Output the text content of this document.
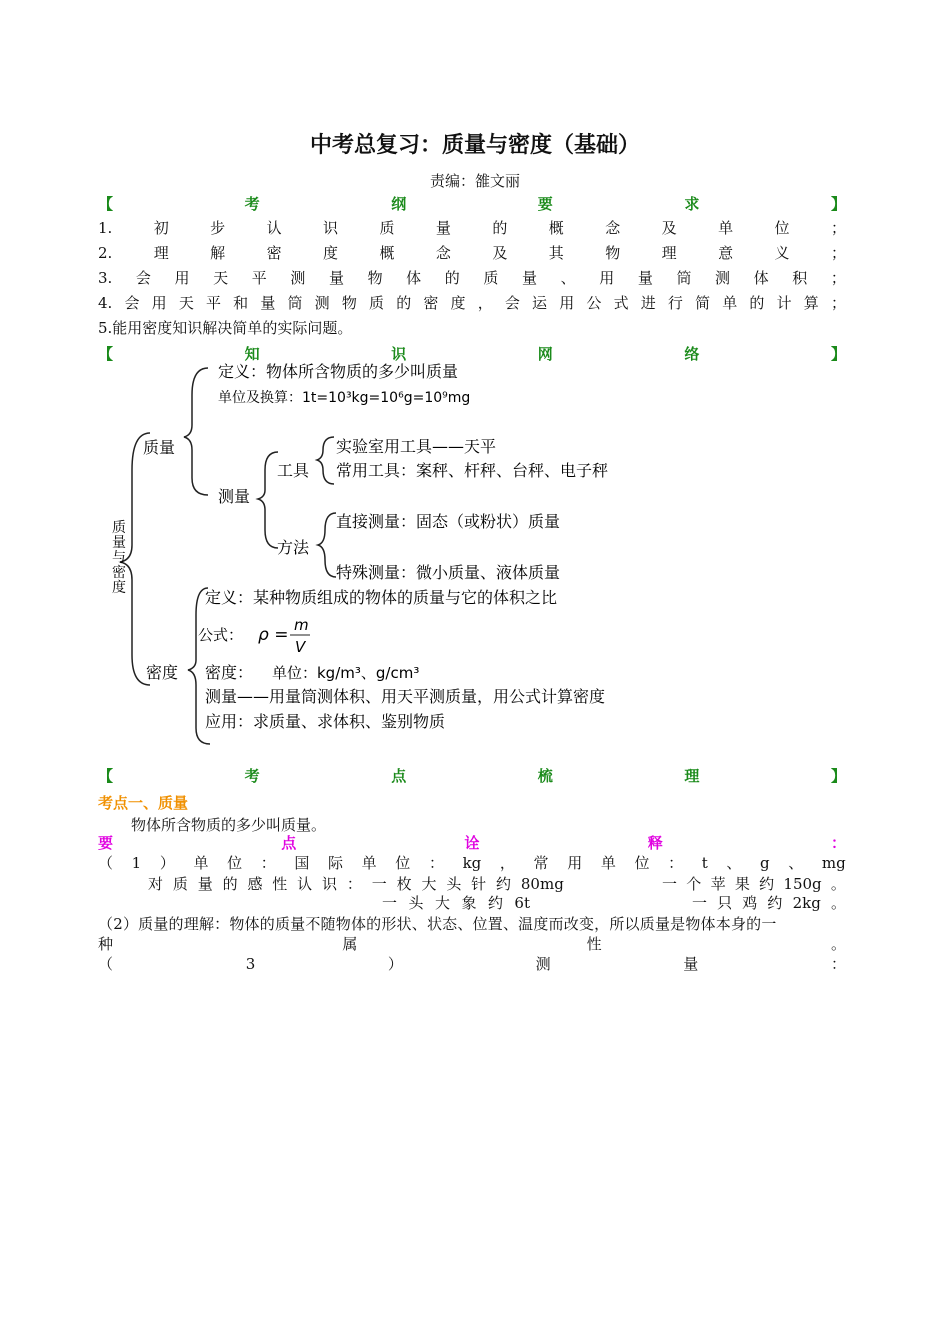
中考总复习：质量与密度（基础）
责编：雒文丽
【	考	纲	要	求	】
1.	初	步	认	识	质	量	的	概	念	及	单	位	；
2.	理	解	密	度	概	念	及	其	物	理	意	义	；
3. 会 用 天 平 测 量 物 体 的 质 量 、 用 量 筒 测 体 积 ；
4. 会 用 天 平 和 量 筒 测 物 质 的 密 度 ， 会 运 用 公 式 进 行 简 单 的 计 算 ；
5.能用密度知识解决简单的实际问题。
【	知	识	网	络	】
质量与密度
质量
定义：物体所含物质的多少叫质量
单位及换算：1t=10³kg=10⁶g=10⁹mg
测量
工具
实验室用工具——天平
常用工具：案秤、杆秤、台秤、电子秤
方法
直接测量：固态（或粉状）质量
特殊测量：微小质量、液体质量
密度
定义：某种物质组成的物体的质量与它的体积之比
公式： ρ = m
V
密度： 单位：kg/m³、g/cm³
测量——用量筒测体积、用天平测质量，用公式计算密度
应用：求质量、求体积、鉴别物质
【	考	点	梳	理	】
考点一、质量
物体所含物质的多少叫质量。
要	点	诠	释	：
（ 1 ） 单 位 ： 国 际 单 位 ： kg ， 常 用 单 位 ： t 、 g 、 mg
对 质 量 的 感 性 认 识 ： 一 枚 大 头 针 约 80mg	一 个 苹 果 约 150g 。
一 头 大 象 约 6t	一 只 鸡 约 2kg 。
（2）质量的理解：物体的质量不随物体的形状、状态、位置、温度而改变，所以质量是物体本身的一
种	属	性	。
（	3	）	测	量	：
